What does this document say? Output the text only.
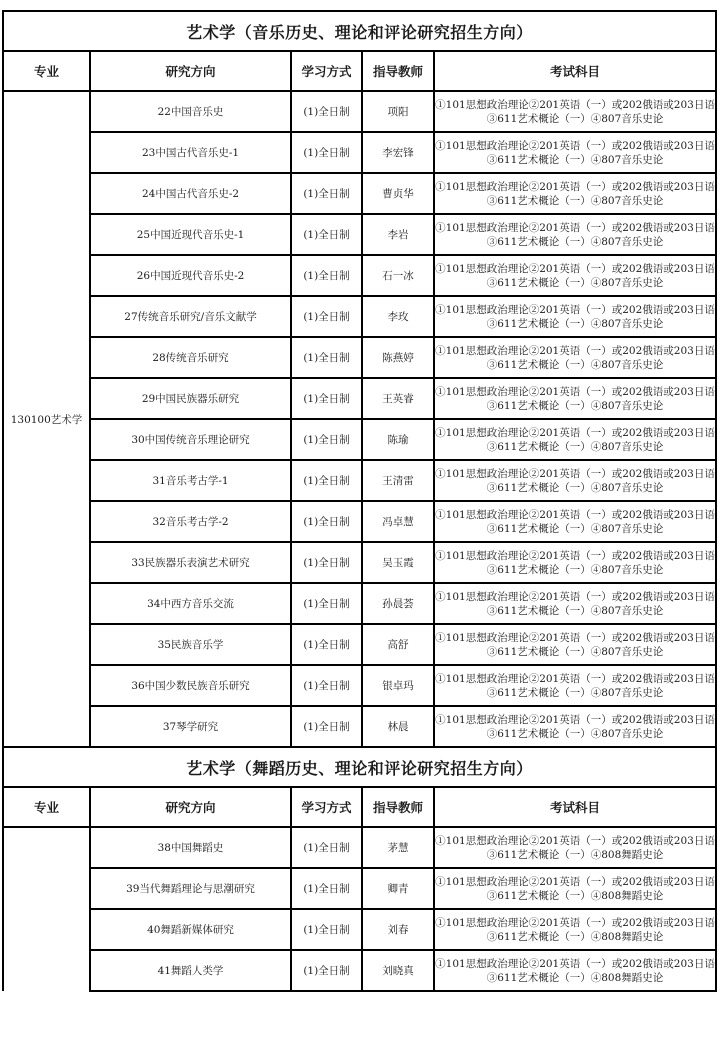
艺术学（音乐历史、理论和评论研究招生方向）				
专业	研究方向	学习方式	指导教师	考试科目
130100艺术学	22中国音乐史	(1)全日制	项阳	①101思想政治理论②201英语（一）或202俄语或203日语
③611艺术概论（一）④807音乐史论

	23中国古代音乐史-1	(1)全日制	李宏锋	①101思想政治理论②201英语（一）或202俄语或203日语
③611艺术概论（一）④807音乐史论

	24中国古代音乐史-2	(1)全日制	曹贞华	①101思想政治理论②201英语（一）或202俄语或203日语
③611艺术概论（一）④807音乐史论

	25中国近现代音乐史-1	(1)全日制	李岩	①101思想政治理论②201英语（一）或202俄语或203日语
③611艺术概论（一）④807音乐史论

	26中国近现代音乐史-2	(1)全日制	石一冰	①101思想政治理论②201英语（一）或202俄语或203日语
③611艺术概论（一）④807音乐史论

	27传统音乐研究/音乐文献学	(1)全日制	李玫	①101思想政治理论②201英语（一）或202俄语或203日语
③611艺术概论（一）④807音乐史论

	28传统音乐研究	(1)全日制	陈燕婷	①101思想政治理论②201英语（一）或202俄语或203日语
③611艺术概论（一）④807音乐史论

	29中国民族器乐研究	(1)全日制	王英睿	①101思想政治理论②201英语（一）或202俄语或203日语
③611艺术概论（一）④807音乐史论

	30中国传统音乐理论研究	(1)全日制	陈瑜	①101思想政治理论②201英语（一）或202俄语或203日语
③611艺术概论（一）④807音乐史论

	31音乐考古学-1	(1)全日制	王清雷	①101思想政治理论②201英语（一）或202俄语或203日语
③611艺术概论（一）④807音乐史论

	32音乐考古学-2	(1)全日制	冯卓慧	①101思想政治理论②201英语（一）或202俄语或203日语
③611艺术概论（一）④807音乐史论

	33民族器乐表演艺术研究	(1)全日制	吴玉霞	①101思想政治理论②201英语（一）或202俄语或203日语
③611艺术概论（一）④807音乐史论

	34中西方音乐交流	(1)全日制	孙晨荟	①101思想政治理论②201英语（一）或202俄语或203日语
③611艺术概论（一）④807音乐史论

	35民族音乐学	(1)全日制	高舒	①101思想政治理论②201英语（一）或202俄语或203日语
③611艺术概论（一）④807音乐史论

	36中国少数民族音乐研究	(1)全日制	银卓玛	①101思想政治理论②201英语（一）或202俄语或203日语
③611艺术概论（一）④807音乐史论

	37琴学研究	(1)全日制	林晨	①101思想政治理论②201英语（一）或202俄语或203日语
③611艺术概论（一）④807音乐史论

艺术学（舞蹈历史、理论和评论研究招生方向）				
专业	研究方向	学习方式	指导教师	考试科目
	38中国舞蹈史	(1)全日制	茅慧	①101思想政治理论②201英语（一）或202俄语或203日语
③611艺术概论（一）④808舞蹈史论

	39当代舞蹈理论与思潮研究	(1)全日制	卿青	①101思想政治理论②201英语（一）或202俄语或203日语
③611艺术概论（一）④808舞蹈史论

	40舞蹈新媒体研究	(1)全日制	刘春	①101思想政治理论②201英语（一）或202俄语或203日语
③611艺术概论（一）④808舞蹈史论

	41舞蹈人类学	(1)全日制	刘晓真	①101思想政治理论②201英语（一）或202俄语或203日语
③611艺术概论（一）④808舞蹈史论
